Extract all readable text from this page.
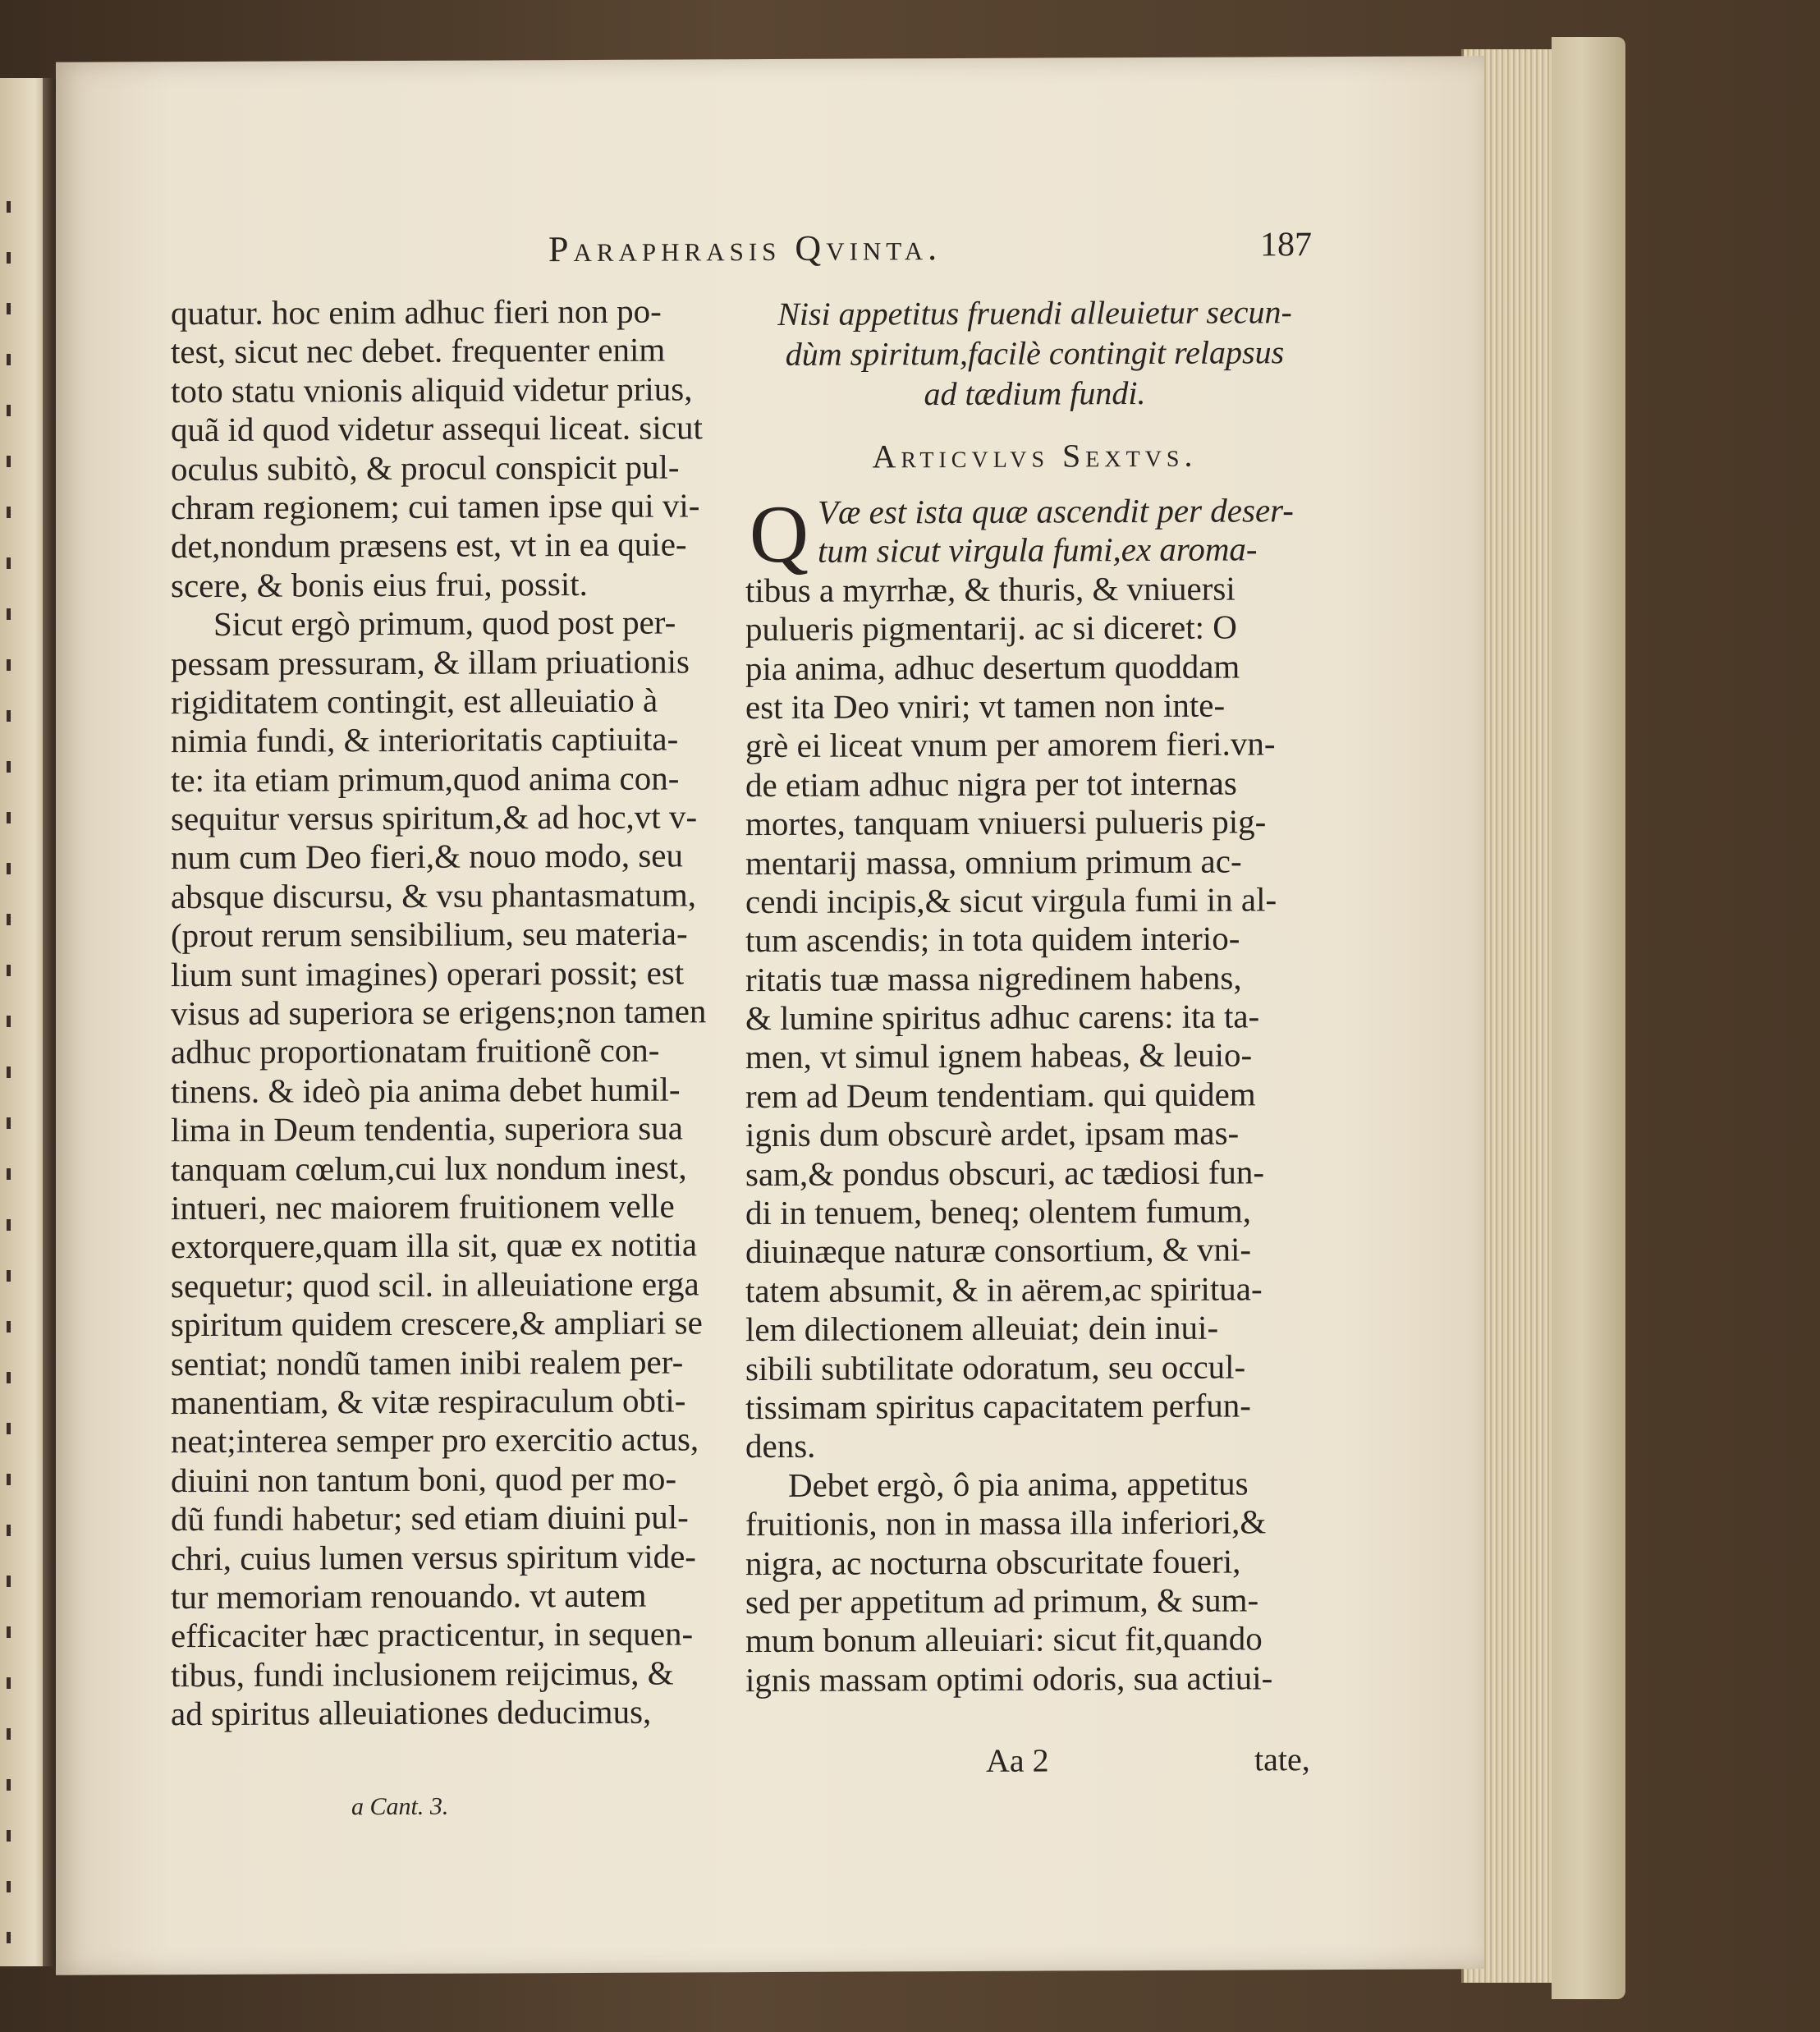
Paraphrasis Qvinta.	187
quatur. hoc enim adhuc fieri non po-
test, sicut nec debet. frequenter enim
toto statu vnionis aliquid videtur prius,
quã id quod videtur assequi liceat. sicut
oculus subitò, & procul conspicit pul-
chram regionem; cui tamen ipse qui vi-
det,nondum præsens est, vt in ea quie-
scere, & bonis eius frui, possit.
Sicut ergò primum, quod post per-
pessam pressuram, & illam priuationis
rigiditatem contingit, est alleuiatio à
nimia fundi, & interioritatis captiuita-
te: ita etiam primum,quod anima con-
sequitur versus spiritum,& ad hoc,vt v-
num cum Deo fieri,& nouo modo, seu
absque discursu, & vsu phantasmatum,
(prout rerum sensibilium, seu materia-
lium sunt imagines) operari possit; est
visus ad superiora se erigens;non tamen
adhuc proportionatam fruitionẽ con-
tinens. & ideò pia anima debet humil-
lima in Deum tendentia, superiora sua
tanquam cœlum,cui lux nondum inest,
intueri, nec maiorem fruitionem velle
extorquere,quam illa sit, quæ ex notitia
sequetur; quod scil. in alleuiatione erga
spiritum quidem crescere,& ampliari se
sentiat; nondũ tamen inibi realem per-
manentiam, & vitæ respiraculum obti-
neat;interea semper pro exercitio actus,
diuini non tantum boni, quod per mo-
dũ fundi habetur; sed etiam diuini pul-
chri, cuius lumen versus spiritum vide-
tur memoriam renouando. vt autem
efficaciter hæc practicentur, in sequen-
tibus, fundi inclusionem reijcimus, &
ad spiritus alleuiationes deducimus,
Nisi appetitus fruendi alleuietur secun-
dùm spiritum,facilè contingit relapsus
ad tædium fundi.
Articvlvs Sextvs.
Q Væ est ista quæ ascendit per deser-
tum sicut virgula fumi,ex aroma-
tibus a myrrhæ, & thuris, & vniuersi
pulueris pigmentarij. ac si diceret: O
pia anima, adhuc desertum quoddam
est ita Deo vniri; vt tamen non inte-
grè ei liceat vnum per amorem fieri.vn-
de etiam adhuc nigra per tot internas
mortes, tanquam vniuersi pulueris pig-
mentarij massa, omnium primum ac-
cendi incipis,& sicut virgula fumi in al-
tum ascendis; in tota quidem interio-
ritatis tuæ massa nigredinem habens,
& lumine spiritus adhuc carens: ita ta-
men, vt simul ignem habeas, & leuio-
rem ad Deum tendentiam. qui quidem
ignis dum obscurè ardet, ipsam mas-
sam,& pondus obscuri, ac tædiosi fun-
di in tenuem, beneq; olentem fumum,
diuinæque naturæ consortium, & vni-
tatem absumit, & in aërem,ac spiritua-
lem dilectionem alleuiat; dein inui-
sibili subtilitate odoratum, seu occul-
tissimam spiritus capacitatem perfun-
dens.
Debet ergò, ô pia anima, appetitus
fruitionis, non in massa illa inferiori,&
nigra, ac nocturna obscuritate foueri,
sed per appetitum ad primum, & sum-
mum bonum alleuiari: sicut fit,quando
ignis massam optimi odoris, sua actiui-
Aa 2	tate,
a Cant. 3.
